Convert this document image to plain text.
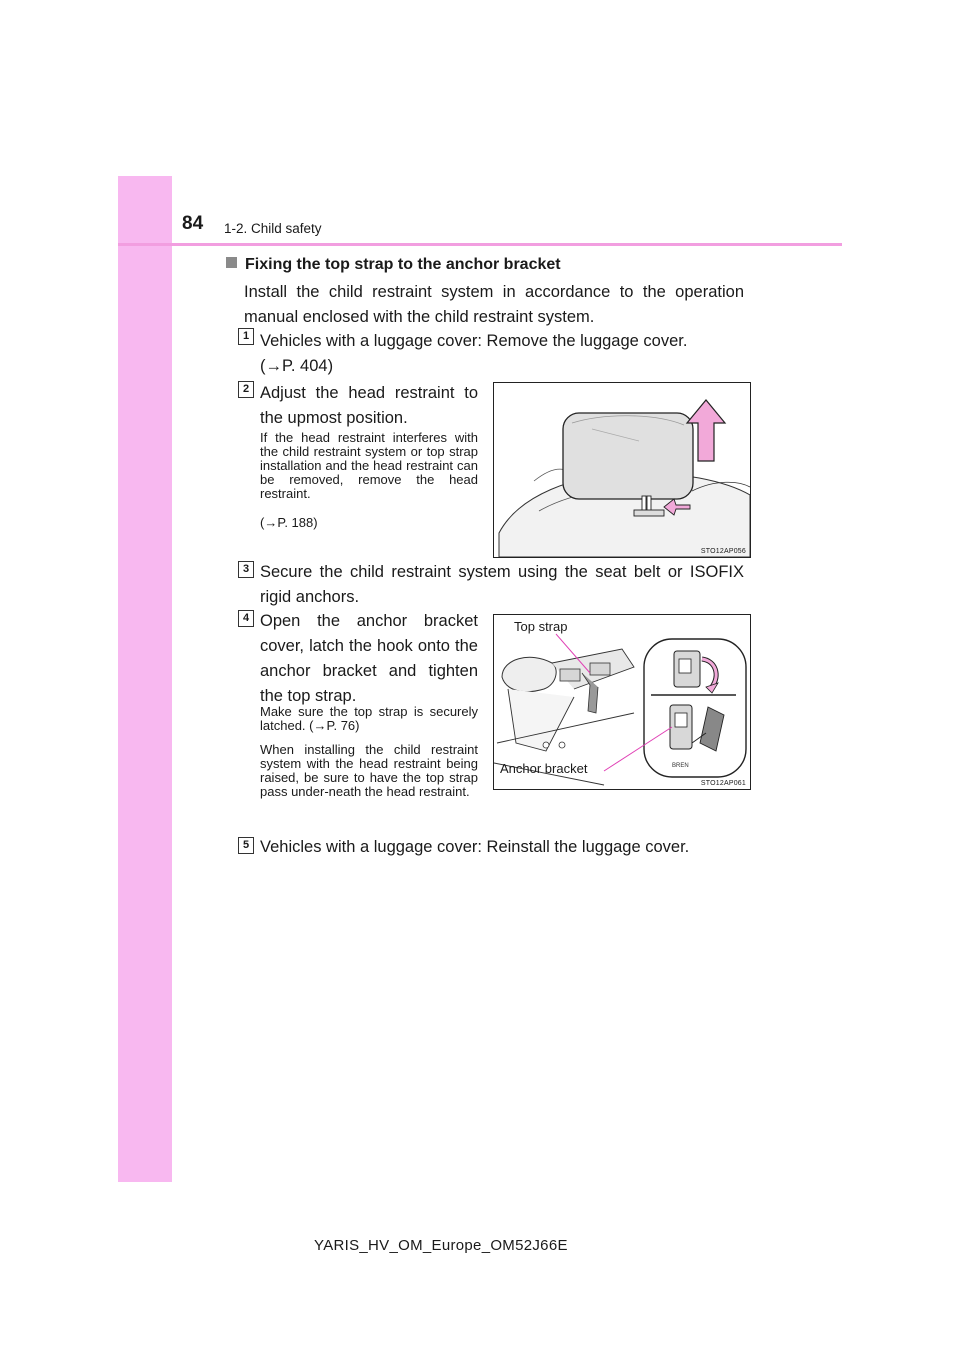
84 1-2. Child safety
Fixing the top strap to the anchor bracket
Install the child restraint system in accordance to the operation manual enclosed with the child restraint system.
1 Vehicles with a luggage cover: Remove the luggage cover.
(→P. 404)
2 Adjust the head restraint to the upmost position.
If the head restraint interferes with the child restraint system or top strap installation and the head restraint can be removed, remove the head restraint.
(→P. 188)
STO12AP056
3 Secure the child restraint system using the seat belt or ISOFIX rigid anchors.
4 Open the anchor bracket cover, latch the hook onto the anchor bracket and tighten the top strap.
Make sure the top strap is securely latched. (→P. 76)
When installing the child restraint system with the head restraint being raised, be sure to have the top strap pass under-neath the head restraint.
BREN
Top strap
Anchor bracket
STO12AP061
5 Vehicles with a luggage cover: Reinstall the luggage cover.
YARIS_HV_OM_Europe_OM52J66E
